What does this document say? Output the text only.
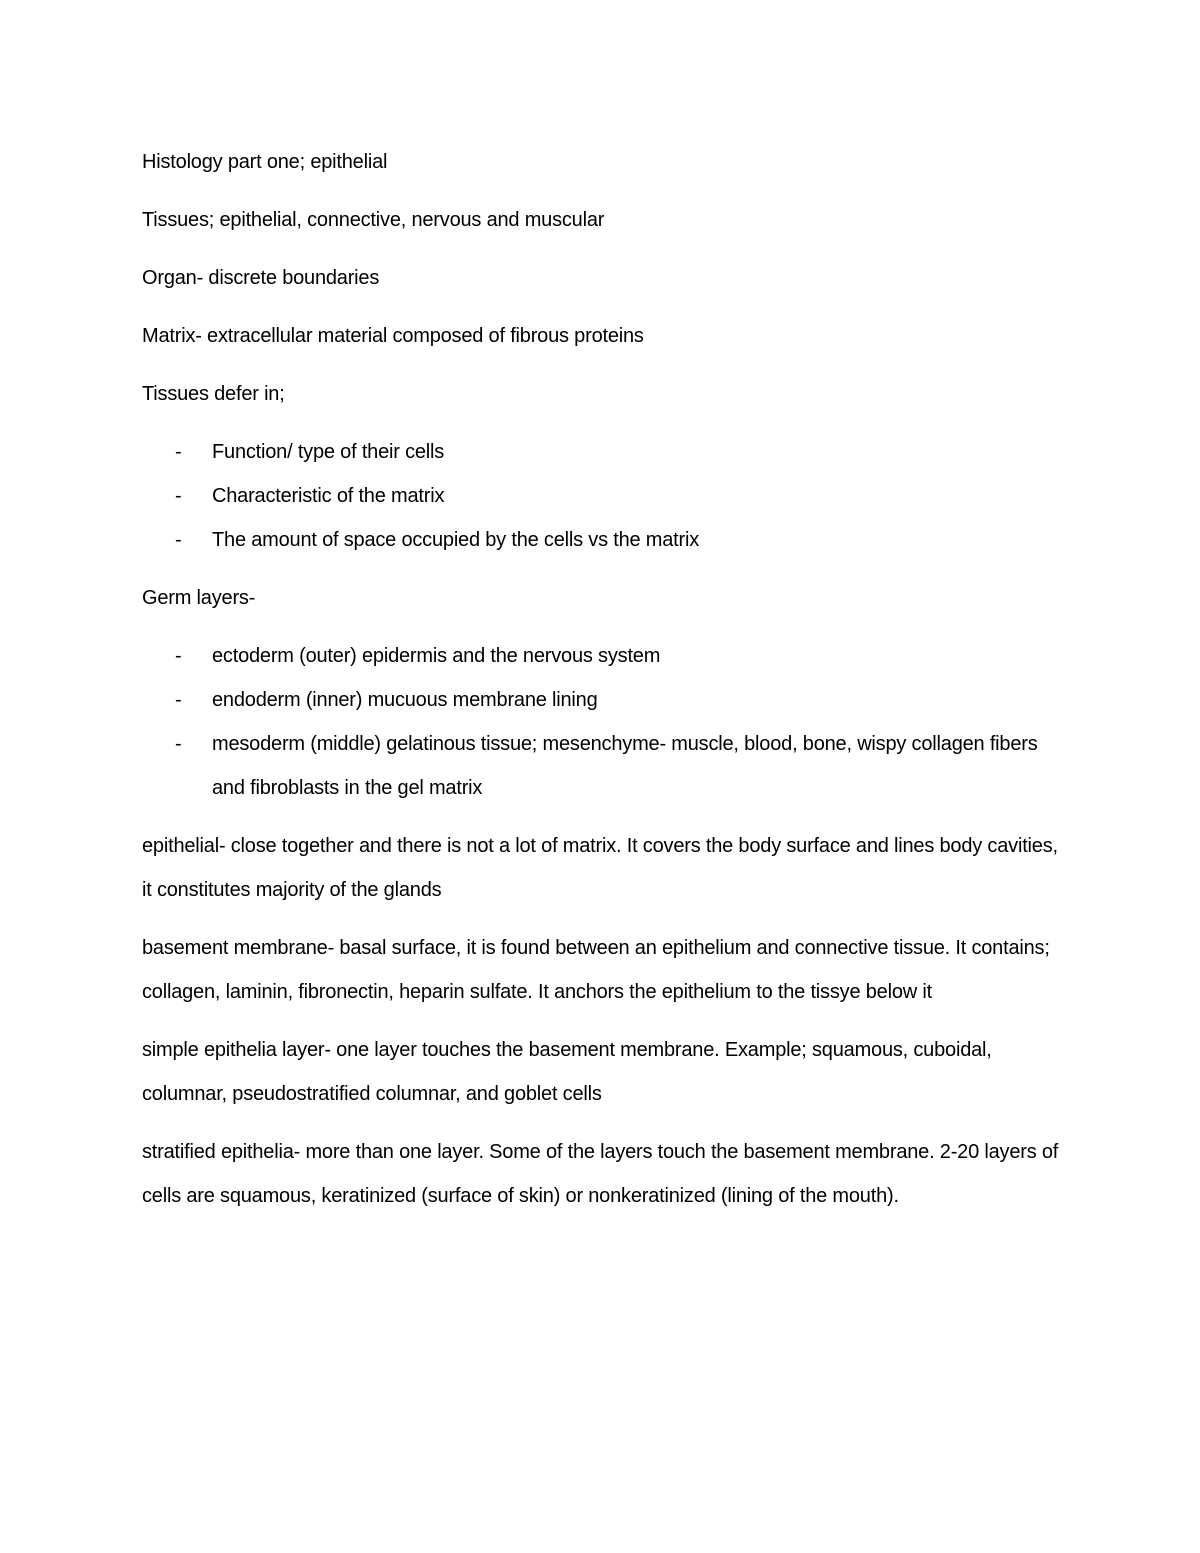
Histology part one; epithelial

Tissues; epithelial, connective, nervous and muscular

Organ- discrete boundaries

Matrix- extracellular material composed of fibrous proteins

Tissues defer in;

- Function/ type of their cells
- Characteristic of the matrix
- The amount of space occupied by the cells vs the matrix

Germ layers-

- ectoderm (outer) epidermis and the nervous system
- endoderm (inner) mucuous membrane lining
- mesoderm (middle) gelatinous tissue; mesenchyme- muscle, blood, bone, wispy collagen fibers and fibroblasts in the gel matrix

epithelial- close together and there is not a lot of matrix. It covers the body surface and lines body cavities, it constitutes majority of the glands

basement membrane- basal surface, it is found between an epithelium and connective tissue. It contains; collagen, laminin, fibronectin, heparin sulfate. It anchors the epithelium to the tissye below it

simple epithelia layer- one layer touches the basement membrane. Example; squamous, cuboidal, columnar, pseudostratified columnar, and goblet cells

stratified epithelia- more than one layer. Some of the layers touch the basement membrane. 2-20 layers of cells are squamous, keratinized (surface of skin) or nonkeratinized (lining of the mouth).
